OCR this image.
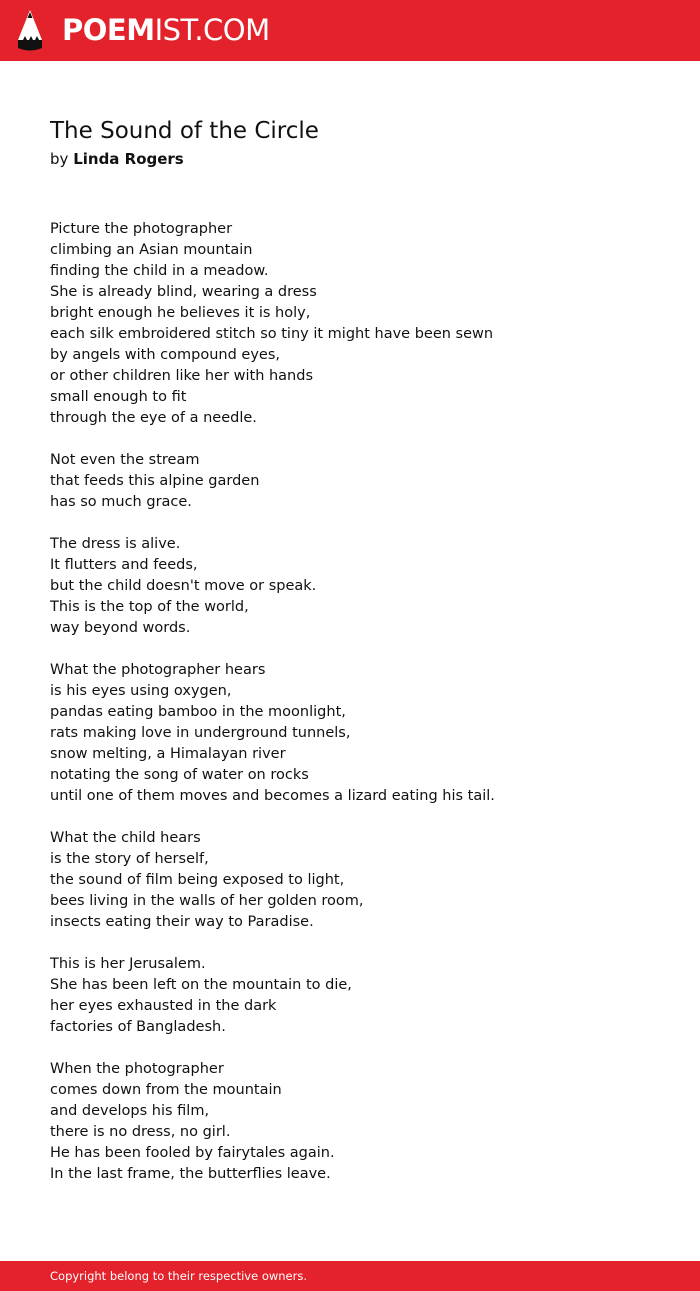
POEMIST.COM
The Sound of the Circle
by Linda Rogers
Picture the photographer
climbing an Asian mountain
finding the child in a meadow.
She is already blind, wearing a dress
bright enough he believes it is holy,
each silk embroidered stitch so tiny it might have been sewn
by angels with compound eyes,
or other children like her with hands
small enough to fit
through the eye of a needle.
Not even the stream
that feeds this alpine garden
has so much grace.
The dress is alive.
It flutters and feeds,
but the child doesn't move or speak.
This is the top of the world,
way beyond words.
What the photographer hears
is his eyes using oxygen,
pandas eating bamboo in the moonlight,
rats making love in underground tunnels,
snow melting, a Himalayan river
notating the song of water on rocks
until one of them moves and becomes a lizard eating his tail.
What the child hears
is the story of herself,
the sound of film being exposed to light,
bees living in the walls of her golden room,
insects eating their way to Paradise.
This is her Jerusalem.
She has been left on the mountain to die,
her eyes exhausted in the dark
factories of Bangladesh.
When the photographer
comes down from the mountain
and develops his film,
there is no dress, no girl.
He has been fooled by fairytales again.
In the last frame, the butterflies leave.
Copyright belong to their respective owners.
